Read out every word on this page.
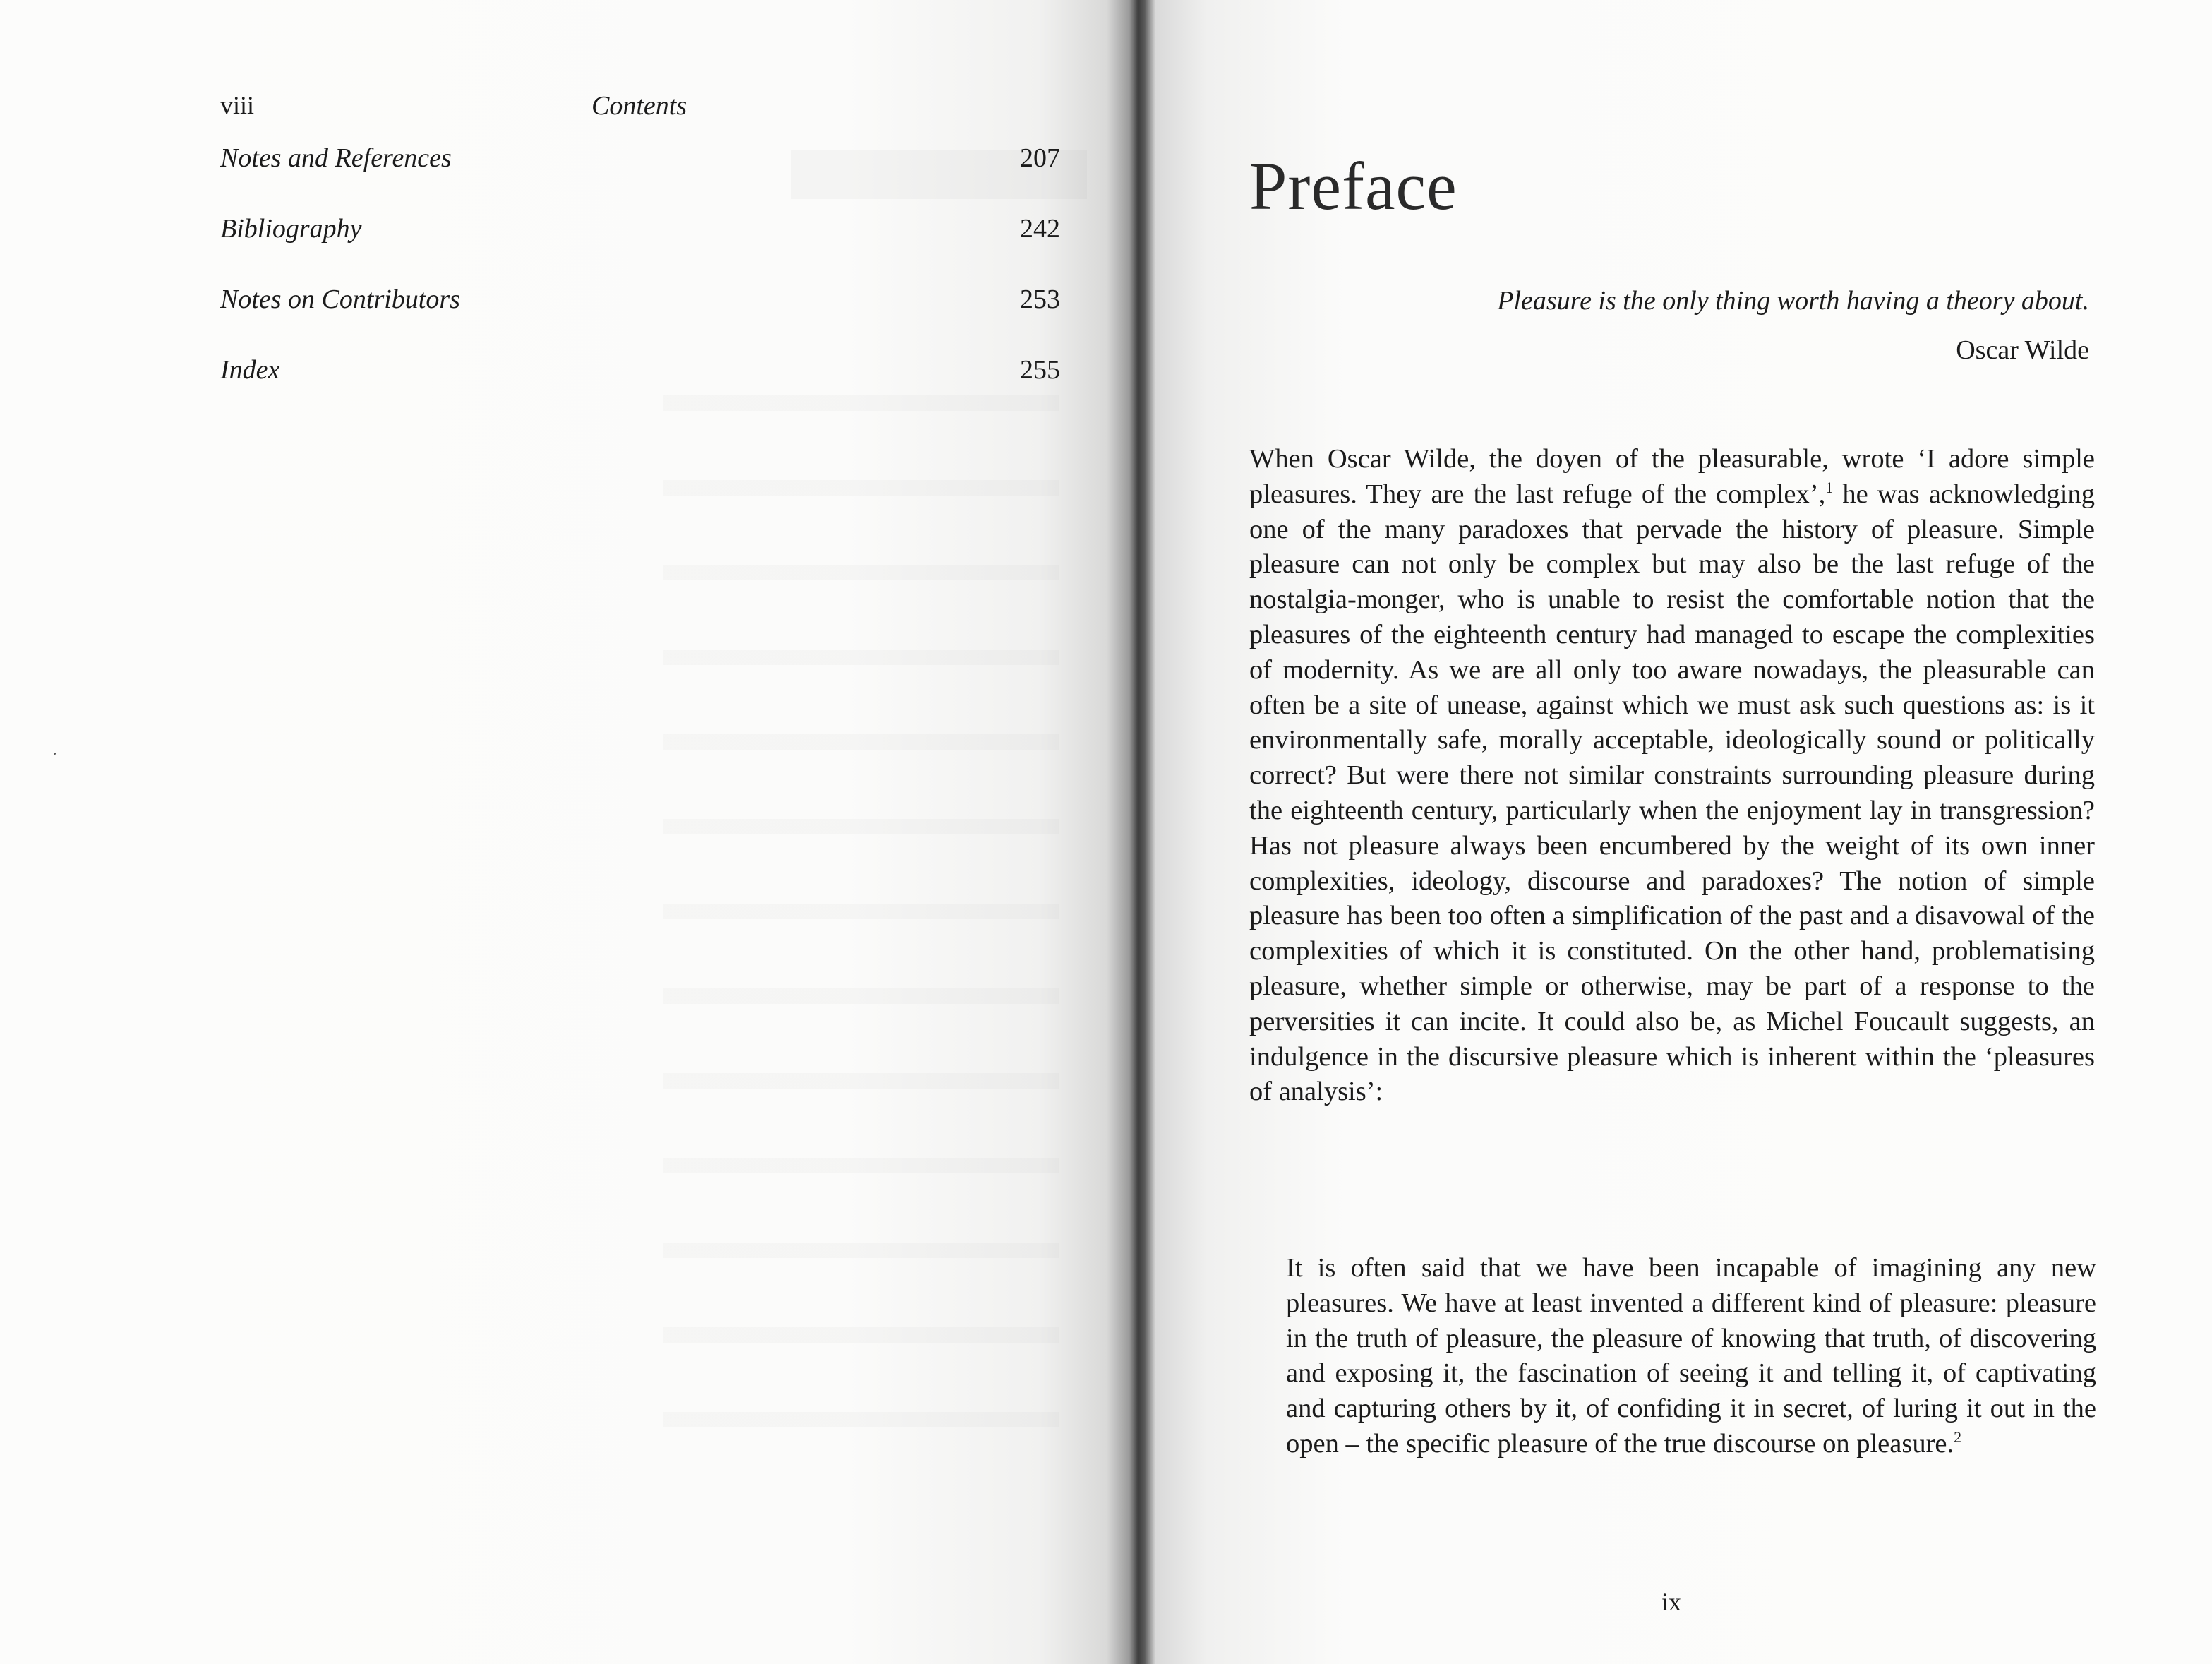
viii	Contents
Notes and References	207
Bibliography	242
Notes on Contributors	253
Index	255
Preface

Pleasure is the only thing worth having a theory about.

Oscar Wilde

When Oscar Wilde, the doyen of the pleasurable, wrote ‘I adore simple pleasures. They are the last refuge of the complex’,$^1$ he was acknowledging one of the many paradoxes that pervade the history of pleasure. Simple pleasure can not only be complex but may also be the last refuge of the nostalgia-monger, who is unable to resist the comfortable notion that the pleasures of the eighteenth century had managed to escape the complexities of modernity. As we are all only too aware nowadays, the pleasurable can often be a site of unease, against which we must ask such questions as: is it environmentally safe, morally acceptable, ideologically sound or politically correct? But were there not similar constraints surrounding pleasure during the eighteenth century, particularly when the enjoyment lay in transgression? Has not pleasure always been encumbered by the weight of its own inner complexities, ideology, discourse and paradoxes? The notion of simple pleasure has been too often a simplification of the past and a disavowal of the complexities of which it is constituted. On the other hand, problematising pleasure, whether simple or otherwise, may be part of a response to the perversities it can incite. It could also be, as Michel Foucault suggests, an indulgence in the discursive pleasure which is inherent within the ‘pleasures of analysis’:

It is often said that we have been incapable of imagining any new pleasures. We have at least invented a different kind of pleasure: pleasure in the truth of pleasure, the pleasure of knowing that truth, of discovering and exposing it, the fascination of seeing it and telling it, of captivating and capturing others by it, of confiding it in secret, of luring it out in the open – the specific pleasure of the true discourse on pleasure.$^2$

ix
